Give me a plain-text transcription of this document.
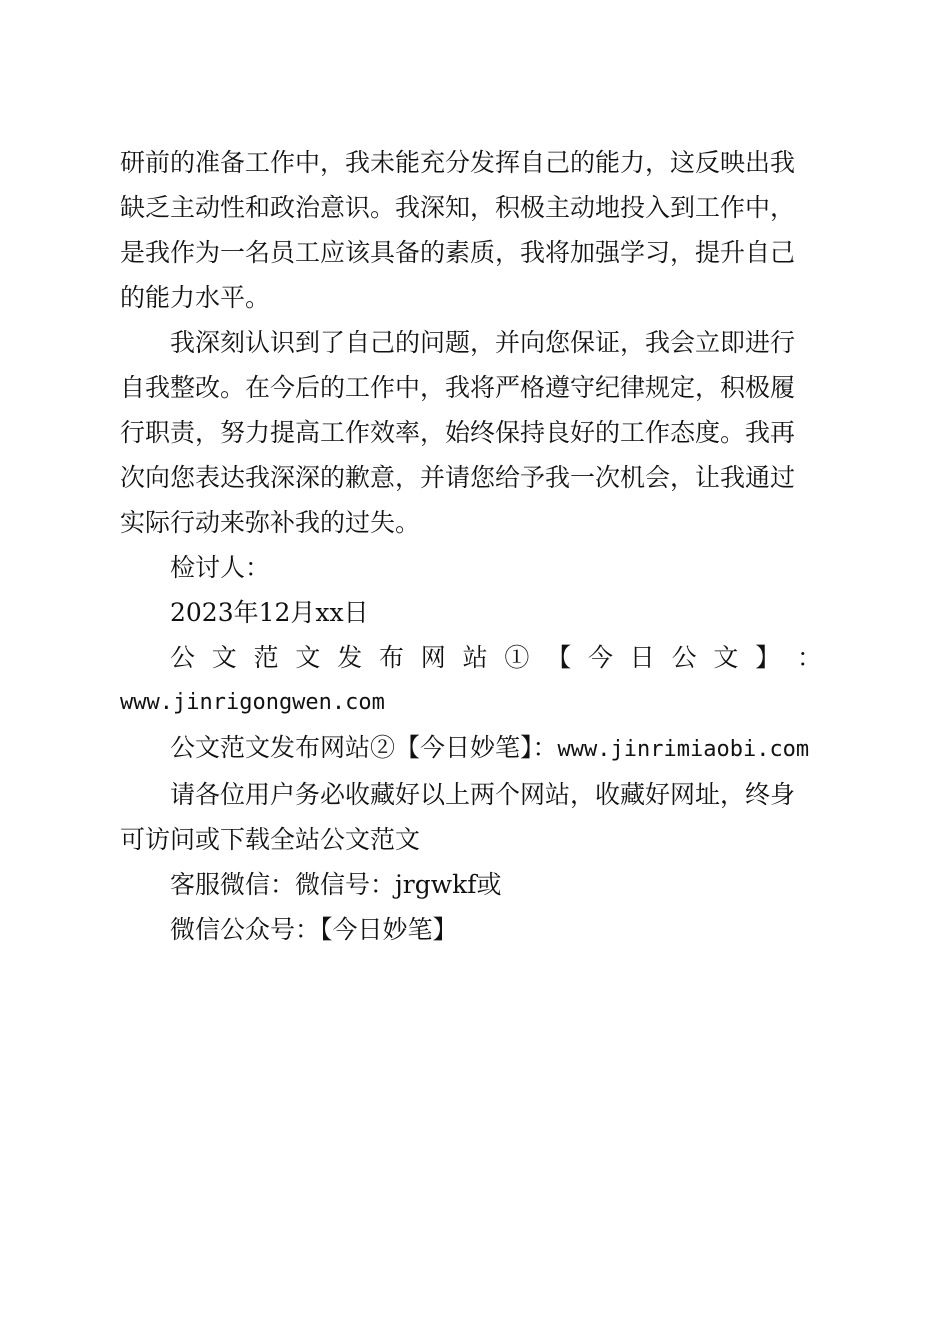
研前的准备工作中，我未能充分发挥自己的能力，这反映出我
缺乏主动性和政治意识。我深知，积极主动地投入到工作中，
是我作为一名员工应该具备的素质，我将加强学习，提升自己
的能力水平。

我深刻认识到了自己的问题，并向您保证，我会立即进行
自我整改。在今后的工作中，我将严格遵守纪律规定，积极履
行职责，努力提高工作效率，始终保持良好的工作态度。我再
次向您表达我深深的歉意，并请您给予我一次机会，让我通过
实际行动来弥补我的过失。

检讨人：

2023年12月xx日

公 文 范 文 发 布 网 站 ① 【 今 日 公 文 】 ：
www.jinrigongwen.com

公文范文发布网站②【今日妙笔】：www.jinrimiaobi.com

请各位用户务必收藏好以上两个网站，收藏好网址，终身
可访问或下载全站公文范文

客服微信：微信号：jrgwkf或

微信公众号：【今日妙笔】
